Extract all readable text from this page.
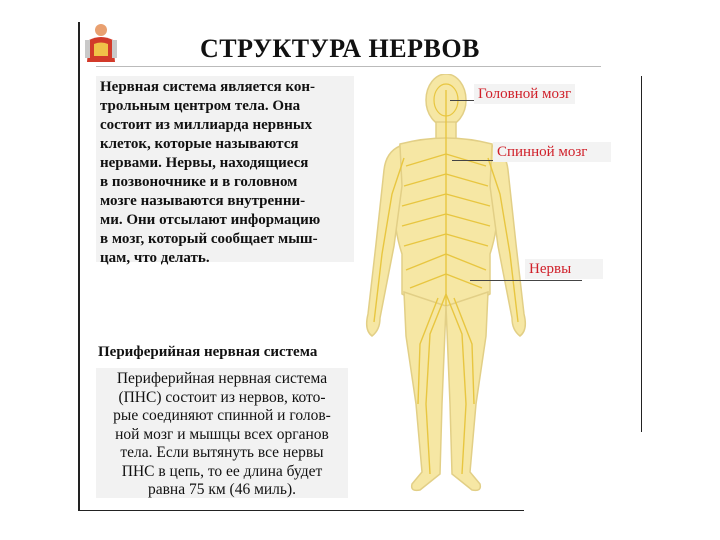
СТРУКТУРА НЕРВОВ
Нервная система является кон-
трольным центром тела. Она
состоит из миллиарда нервных
клеток, которые называются
нервами. Нервы, находящиеся
в позвоночнике и в головном
мозге называются внутренни-
ми. Они отсылают информацию
в мозг, который сообщает мыш-
цам, что делать.
Периферийная нервная система
Периферийная нервная система
(ПНС) состоит из нервов, кото-
рые соединяют спинной и голов-
ной мозг и мышцы всех органов
тела. Если вытянуть все нервы
ПНС в цепь, то ее длина будет
равна 75 км (46 миль).
Головной мозг
Спинной мозг
Нервы
